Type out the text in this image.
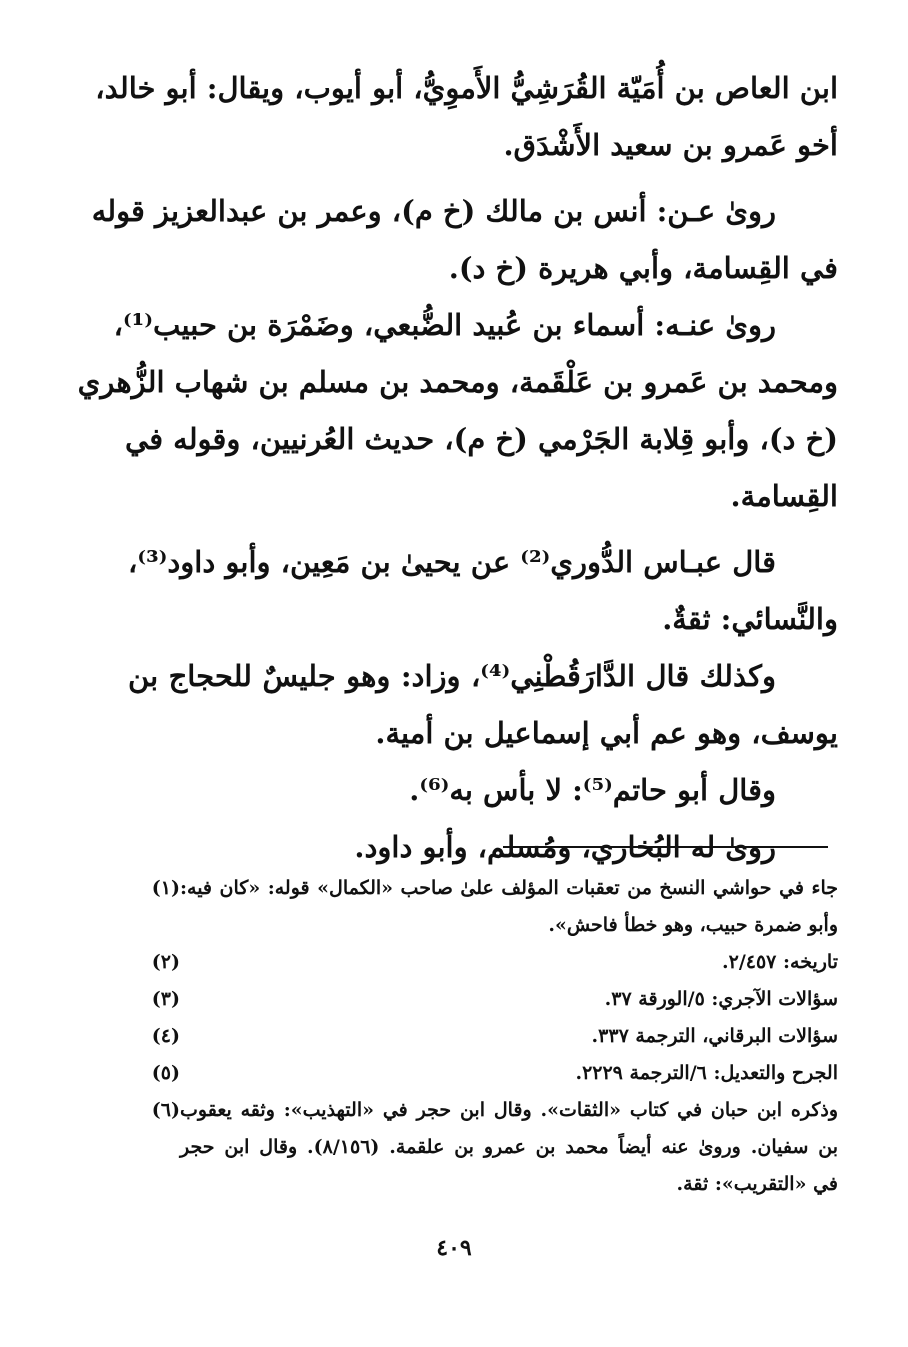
ابن العاص بن أُمَيّة القُرَشِيُّ الأَموِيُّ، أبو أيوب، ويقال: أبو خالد،
أخو عَمرو بن سعيد الأَشْدَق.
روىٰ عـن: أنس بن مالك (خ م)، وعمر بن عبدالعزيز قوله
في القِسامة، وأبي هريرة (خ د).
روىٰ عنـه: أسماء بن عُبيد الضُّبعي، وضَمْرَة بن حبيب⁽¹⁾،
ومحمد بن عَمرو بن عَلْقَمة، ومحمد بن مسلم بن شهاب الزُّهري
(خ د)، وأبو قِلابة الجَرْمي (خ م)، حديث العُرنيين، وقوله في
القِسامة.
قال عبـاس الدُّوري⁽²⁾ عن يحيىٰ بن مَعِين، وأبو داود⁽³⁾،
والنَّسائي: ثقةٌ.
وكذلك قال الدَّارَقُطْنِي⁽⁴⁾، وزاد: وهو جليسٌ للحجاج بن
يوسف، وهو عم أبي إسماعيل بن أمية.
وقال أبو حاتم⁽⁵⁾: لا بأس به⁽⁶⁾.
روىٰ له البُخاري، ومُسلم، وأبو داود.
(١) جاء في حواشي النسخ من تعقبات المؤلف علىٰ صاحب «الكمال» قوله: «كان فيه:
وأبو ضمرة حبيب، وهو خطأ فاحش».
(٢)	تاريخه: ٢/٤٥٧.
(٣)	سؤالات الآجري: ٥/الورقة ٣٧.
(٤)	سؤالات البرقاني، الترجمة ٣٣٧.
(٥)	الجرح والتعديل: ٦/الترجمة ٢٢٢٩.
(٦) وذكره ابن حبان في كتاب «الثقات». وقال ابن حجر في «التهذيب»: وثقه يعقوب
بن سفيان. وروىٰ عنه أيضاً محمد بن عمرو بن علقمة. (٨/١٥٦). وقال ابن حجر
في «التقريب»: ثقة.
٤٠٩
